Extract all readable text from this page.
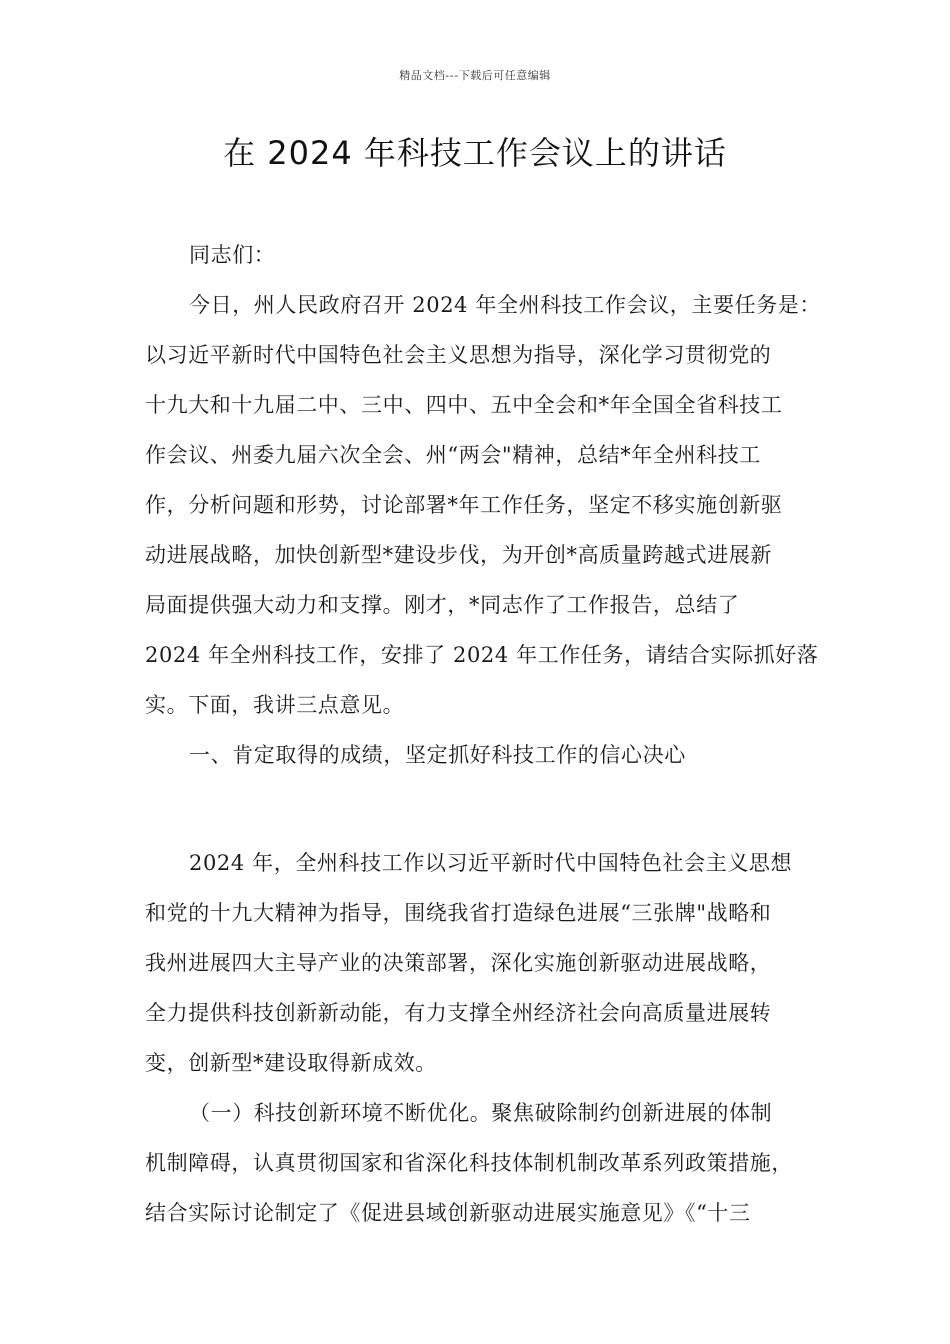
精品文档---下载后可任意编辑
在 2024 年科技工作会议上的讲话
同志们：
今日，州人民政府召开 2024 年全州科技工作会议，主要任务是：
以习近平新时代中国特色社会主义思想为指导，深化学习贯彻党的
十九大和十九届二中、三中、四中、五中全会和*年全国全省科技工
作会议、州委九届六次全会、州“两会"精神，总结*年全州科技工
作，分析问题和形势，讨论部署*年工作任务，坚定不移实施创新驱
动进展战略，加快创新型*建设步伐，为开创*高质量跨越式进展新
局面提供强大动力和支撑。刚才，*同志作了工作报告，总结了
2024 年全州科技工作，安排了 2024 年工作任务，请结合实际抓好落
实。下面，我讲三点意见。
一、肯定取得的成绩，坚定抓好科技工作的信心决心
2024 年，全州科技工作以习近平新时代中国特色社会主义思想
和党的十九大精神为指导，围绕我省打造绿色进展“三张牌"战略和
我州进展四大主导产业的决策部署，深化实施创新驱动进展战略，
全力提供科技创新新动能，有力支撑全州经济社会向高质量进展转
变，创新型*建设取得新成效。
（一）科技创新环境不断优化。聚焦破除制约创新进展的体制
机制障碍，认真贯彻国家和省深化科技体制机制改革系列政策措施，
结合实际讨论制定了《促进县域创新驱动进展实施意见》《“十三
